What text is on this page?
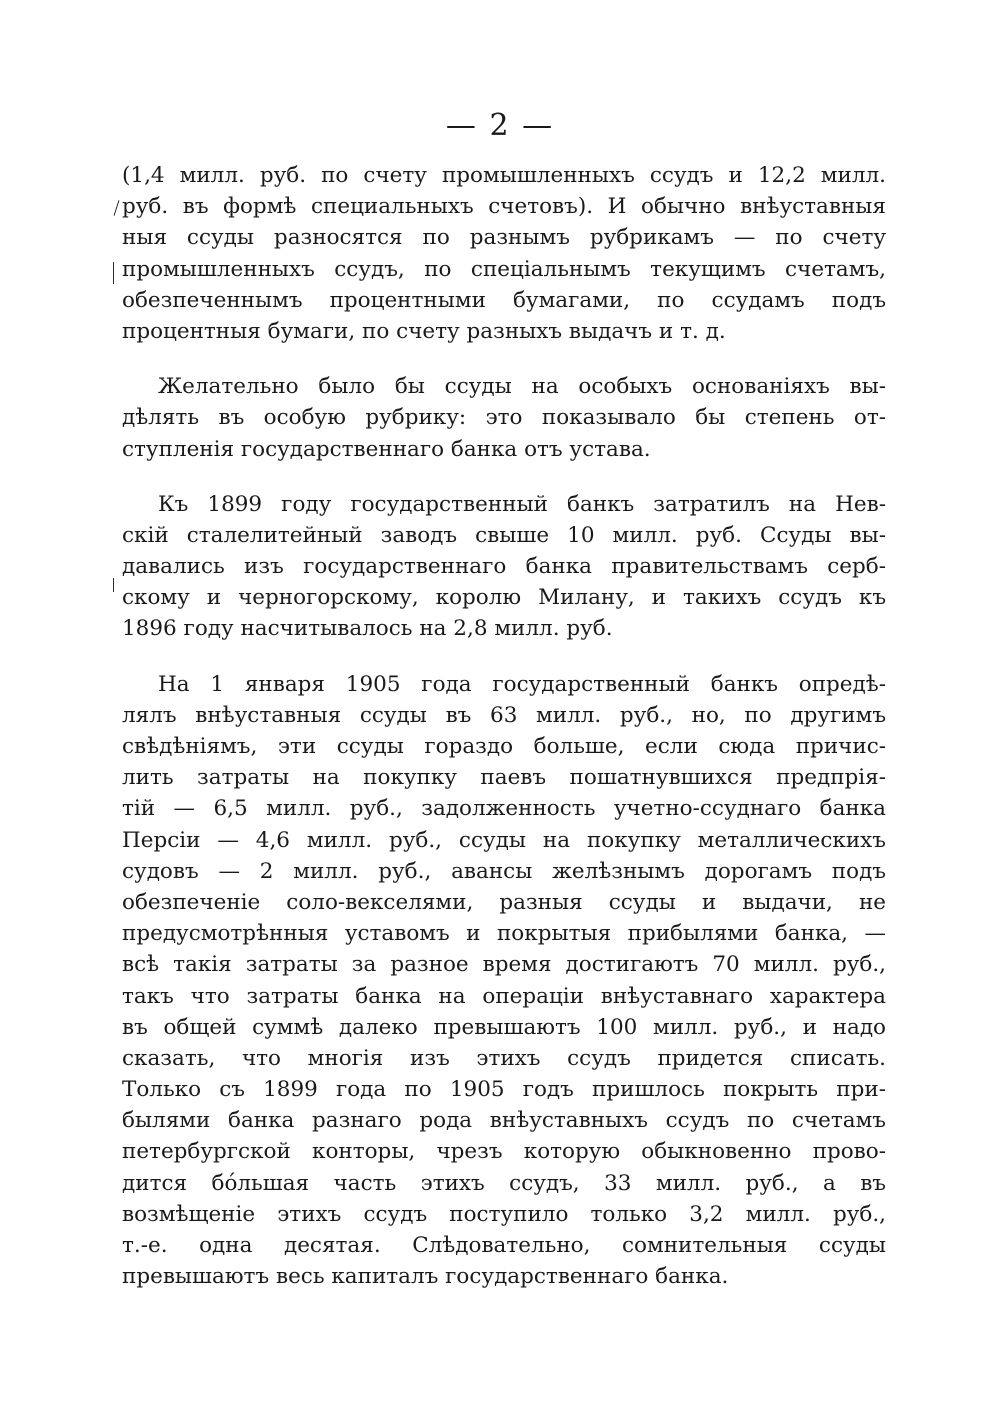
— 2 —
(1,4 милл. руб. по счету промышленныхъ ссудъ и 12,2 милл.
руб. въ формѣ специальныхъ счетовъ). И обычно внѣуставныя
ныя ссуды разносятся по разнымъ рубрикамъ — по счету
промышленныхъ ссудъ, по спеціальнымъ текущимъ счетамъ,
обезпеченнымъ процентными бумагами, по ссудамъ подъ
процентныя бумаги, по счету разныхъ выдачъ и т. д.
Желательно было бы ссуды на особыхъ основаніяхъ вы-
дѣлять въ особую рубрику: это показывало бы степень от-
ступленія государственнаго банка отъ устава.
Къ 1899 году государственный банкъ затратилъ на Нев-
скій сталелитейный заводъ свыше 10 милл. руб. Ссуды вы-
давались изъ государственнаго банка правительствамъ серб-
скому и черногорскому, королю Милану, и такихъ ссудъ къ
1896 году насчитывалось на 2,8 милл. руб.
На 1 января 1905 года государственный банкъ опредѣ-
лялъ внѣуставныя ссуды въ 63 милл. руб., но, по другимъ
свѣдѣніямъ, эти ссуды гораздо больше, если сюда причис-
лить затраты на покупку паевъ пошатнувшихся предпрія-
тій — 6,5 милл. руб., задолженность учетно-ссуднаго банка
Персіи — 4,6 милл. руб., ссуды на покупку металлическихъ
судовъ — 2 милл. руб., авансы желѣзнымъ дорогамъ подъ
обезпеченіе соло-векселями, разныя ссуды и выдачи, не
предусмотрѣнныя уставомъ и покрытыя прибылями банка, —
всѣ такія затраты за разное время достигаютъ 70 милл. руб.,
такъ что затраты банка на операціи внѣуставнаго характера
въ общей суммѣ далеко превышаютъ 100 милл. руб., и надо
сказать, что многія изъ этихъ ссудъ придется списать.
Только съ 1899 года по 1905 годъ пришлось покрыть при-
былями банка разнаго рода внѣуставныхъ ссудъ по счетамъ
петербургской конторы, чрезъ которую обыкновенно прово-
дится бо́льшая часть этихъ ссудъ, 33 милл. руб., а въ
возмѣщеніе этихъ ссудъ поступило только 3,2 милл. руб.,
т.-е. одна десятая. Слѣдовательно, сомнительныя ссуды
превышаютъ весь капиталъ государственнаго банка.
